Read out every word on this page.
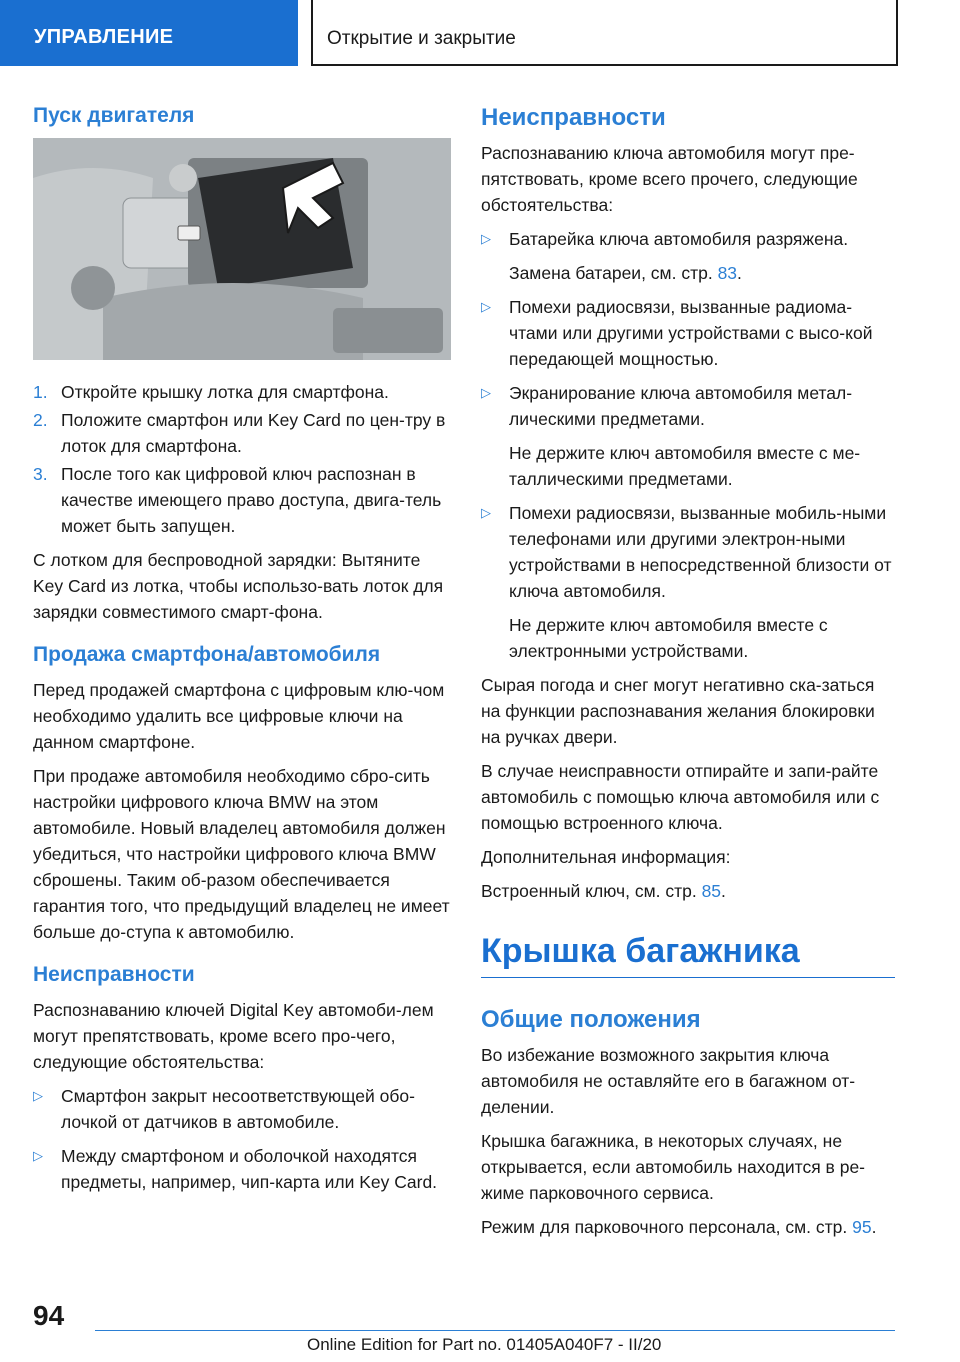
УПРАВЛЕНИЕ	Открытие и закрытие
Пуск двигателя
1. Откройте крышку лотка для смартфона.
2. Положите смартфон или Key Card по цен-тру в лоток для смартфона.
3. После того как цифровой ключ распознан в качестве имеющего право доступа, двига-тель может быть запущен.

С лотком для беспроводной зарядки: Вытяните Key Card из лотка, чтобы использо-вать лоток для зарядки совместимого смарт-фона.

Продажа смартфона/автомобиля

Перед продажей смартфона с цифровым клю-чом необходимо удалить все цифровые ключи на данном смартфоне.

При продаже автомобиля необходимо сбро-сить настройки цифрового ключа BMW на этом автомобиле. Новый владелец автомобиля должен убедиться, что настройки цифрового ключа BMW сброшены. Таким об-разом обеспечивается гарантия того, что предыдущий владелец не имеет больше до-ступа к автомобилю.

Неисправности

Распознаванию ключей Digital Key автомоби-лем могут препятствовать, кроме всего про-чего, следующие обстоятельства:

▷	Смартфон закрыт несоответствующей обо-лочкой от датчиков в автомобиле.
▷	Между смартфоном и оболочкой находятся предметы, например, чип-карта или Key Card.
Неисправности

Распознаванию ключа автомобиля могут пре-пятствовать, кроме всего прочего, следующие обстоятельства:

▷	Батарейка ключа автомобиля разряжена.
Замена батареи, см. стр. 83.
▷	Помехи радиосвязи, вызванные радиома-чтами или другими устройствами с высо-кой передающей мощностью.
▷	Экранирование ключа автомобиля метал-лическими предметами.
Не держите ключ автомобиля вместе с ме-таллическими предметами.
▷	Помехи радиосвязи, вызванные мобиль-ными телефонами или другими электрон-ными устройствами в непосредственной близости от ключа автомобиля.
Не держите ключ автомобиля вместе с электронными устройствами.

Сырая погода и снег могут негативно ска-заться на функции распознавания желания блокировки на ручках двери.

В случае неисправности отпирайте и запи-райте автомобиль с помощью ключа автомобиля или с помощью встроенного ключа.

Дополнительная информация:

Встроенный ключ, см. стр. 85.

Крышка багажника
Общие положения

Во избежание возможного закрытия ключа автомобиля не оставляйте его в багажном от-делении.

Крышка багажника, в некоторых случаях, не открывается, если автомобиль находится в ре-жиме парковочного сервиса.

Режим для парковочного персонала, см. стр. 95.

94
Online Edition for Part no. 01405A040F7 - II/20
